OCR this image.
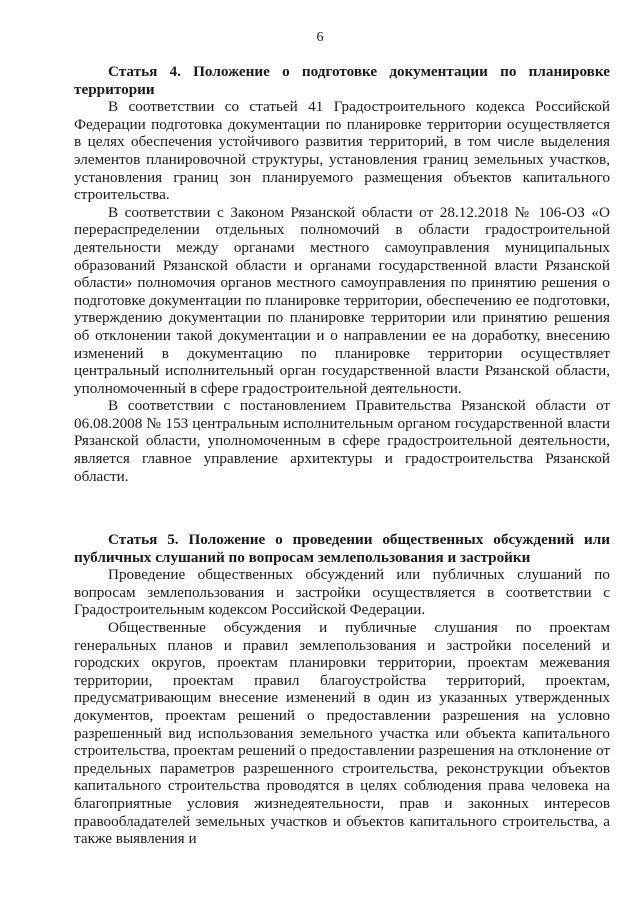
6

Статья 4. Положение о подготовке документации по планировке территории

В соответствии со статьей 41 Градостроительного кодекса Российской Федерации подготовка документации по планировке территории осуществляется в целях обеспечения устойчивого развития территорий, в том числе выделения элементов планировочной структуры, установления границ земельных участков, установления границ зон планируемого размещения объектов капитального строительства.

В соответствии с Законом Рязанской области от 28.12.2018 № 106-ОЗ «О перераспределении отдельных полномочий в области градостроительной деятельности между органами местного самоуправления муниципальных образований Рязанской области и органами государственной власти Рязанской области» полномочия органов местного самоуправления по принятию решения о подготовке документации по планировке территории, обеспечению ее подготовки, утверждению документации по планировке территории или принятию решения об отклонении такой документации и о направлении ее на доработку, внесению изменений в документацию по планировке территории осуществляет центральный исполнительный орган государственной власти Рязанской области, уполномоченный в сфере градостроительной деятельности.

В соответствии с постановлением Правительства Рязанской области от 06.08.2008 № 153 центральным исполнительным органом государственной власти Рязанской области, уполномоченным в сфере градостроительной деятельности, является главное управление архитектуры и градостроительства Рязанской области.

Статья 5. Положение о проведении общественных обсуждений или публичных слушаний по вопросам землепользования и застройки

Проведение общественных обсуждений или публичных слушаний по вопросам землепользования и застройки осуществляется в соответствии с Градостроительным кодексом Российской Федерации.

Общественные обсуждения и публичные слушания по проектам генеральных планов и правил землепользования и застройки поселений и городских округов, проектам планировки территории, проектам межевания территории, проектам правил благоустройства территорий, проектам, предусматривающим внесение изменений в один из указанных утвержденных документов, проектам решений о предоставлении разрешения на условно разрешенный вид использования земельного участка или объекта капитального строительства, проектам решений о предоставлении разрешения на отклонение от предельных параметров разрешенного строительства, реконструкции объектов капитального строительства проводятся в целях соблюдения права человека на благоприятные условия жизнедеятельности, прав и законных интересов правообладателей земельных участков и объектов капитального строительства, а также выявления и
